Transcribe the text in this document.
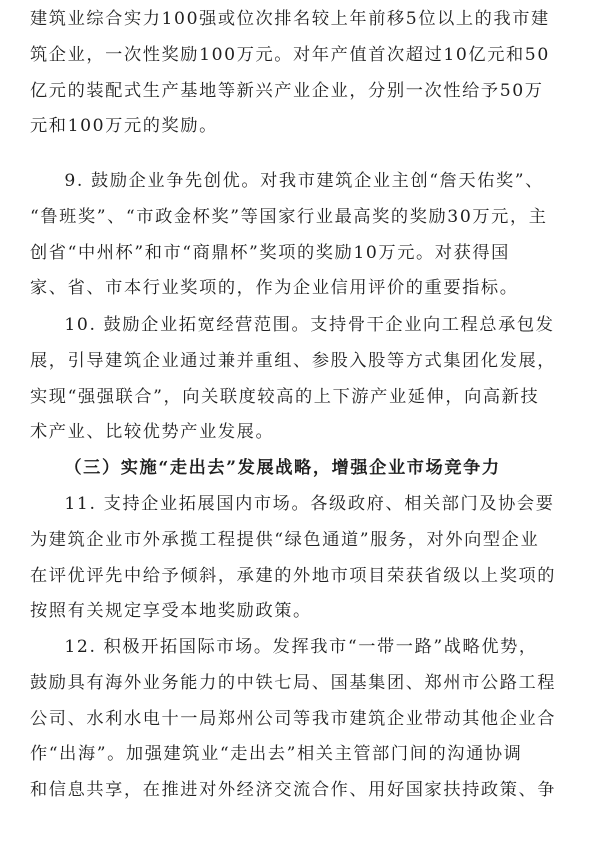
建筑业综合实力100强或位次排名较上年前移5位以上的我市建
筑企业，一次性奖励100万元。对年产值首次超过10亿元和50
亿元的装配式生产基地等新兴产业企业，分别一次性给予50万
元和100万元的奖励。
9. 鼓励企业争先创优。对我市建筑企业主创“詹天佑奖”、
“鲁班奖”、“市政金杯奖”等国家行业最高奖的奖励30万元，主
创省“中州杯”和市“商鼎杯”奖项的奖励10万元。对获得国
家、省、市本行业奖项的，作为企业信用评价的重要指标。
10. 鼓励企业拓宽经营范围。支持骨干企业向工程总承包发
展，引导建筑企业通过兼并重组、参股入股等方式集团化发展，
实现“强强联合”，向关联度较高的上下游产业延伸，向高新技
术产业、比较优势产业发展。
（三）实施“走出去”发展战略，增强企业市场竞争力
11. 支持企业拓展国内市场。各级政府、相关部门及协会要
为建筑企业市外承揽工程提供“绿色通道”服务，对外向型企业
在评优评先中给予倾斜，承建的外地市项目荣获省级以上奖项的
按照有关规定享受本地奖励政策。
12. 积极开拓国际市场。发挥我市“一带一路”战略优势，
鼓励具有海外业务能力的中铁七局、国基集团、郑州市公路工程
公司、水利水电十一局郑州公司等我市建筑企业带动其他企业合
作“出海”。加强建筑业“走出去”相关主管部门间的沟通协调
和信息共享，在推进对外经济交流合作、用好国家扶持政策、争
